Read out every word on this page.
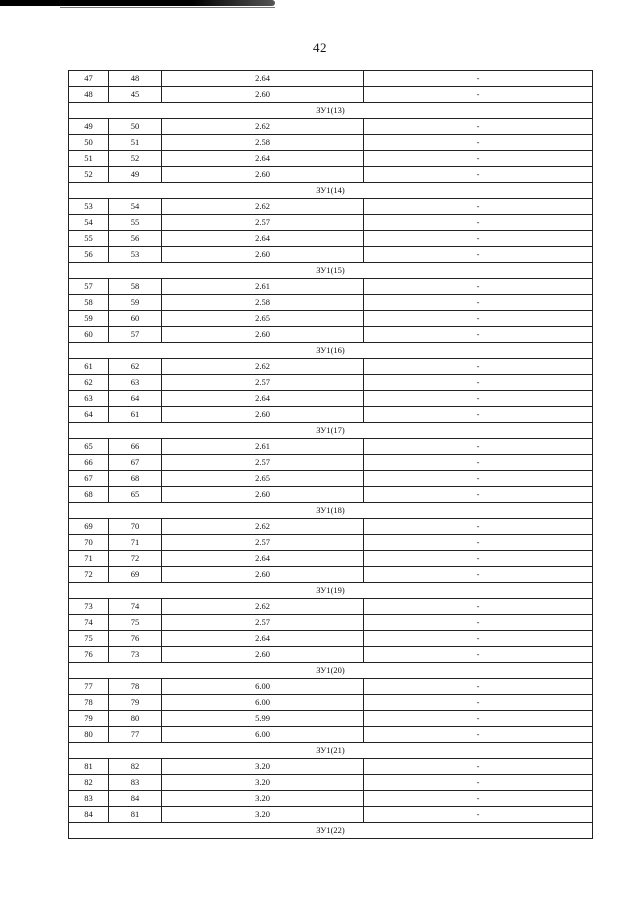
42
47	48	2.64	-
48	45	2.60	-
ЗУ1(13)			
49	50	2.62	-
50	51	2.58	-
51	52	2.64	-
52	49	2.60	-
ЗУ1(14)			
53	54	2.62	-
54	55	2.57	-
55	56	2.64	-
56	53	2.60	-
ЗУ1(15)			
57	58	2.61	-
58	59	2.58	-
59	60	2.65	-
60	57	2.60	-
ЗУ1(16)			
61	62	2.62	-
62	63	2.57	-
63	64	2.64	-
64	61	2.60	-
ЗУ1(17)			
65	66	2.61	-
66	67	2.57	-
67	68	2.65	-
68	65	2.60	-
ЗУ1(18)			
69	70	2.62	-
70	71	2.57	-
71	72	2.64	-
72	69	2.60	-
ЗУ1(19)			
73	74	2.62	-
74	75	2.57	-
75	76	2.64	-
76	73	2.60	-
ЗУ1(20)			
77	78	6.00	-
78	79	6.00	-
79	80	5.99	-
80	77	6.00	-
ЗУ1(21)			
81	82	3.20	-
82	83	3.20	-
83	84	3.20	-
84	81	3.20	-
ЗУ1(22)			
